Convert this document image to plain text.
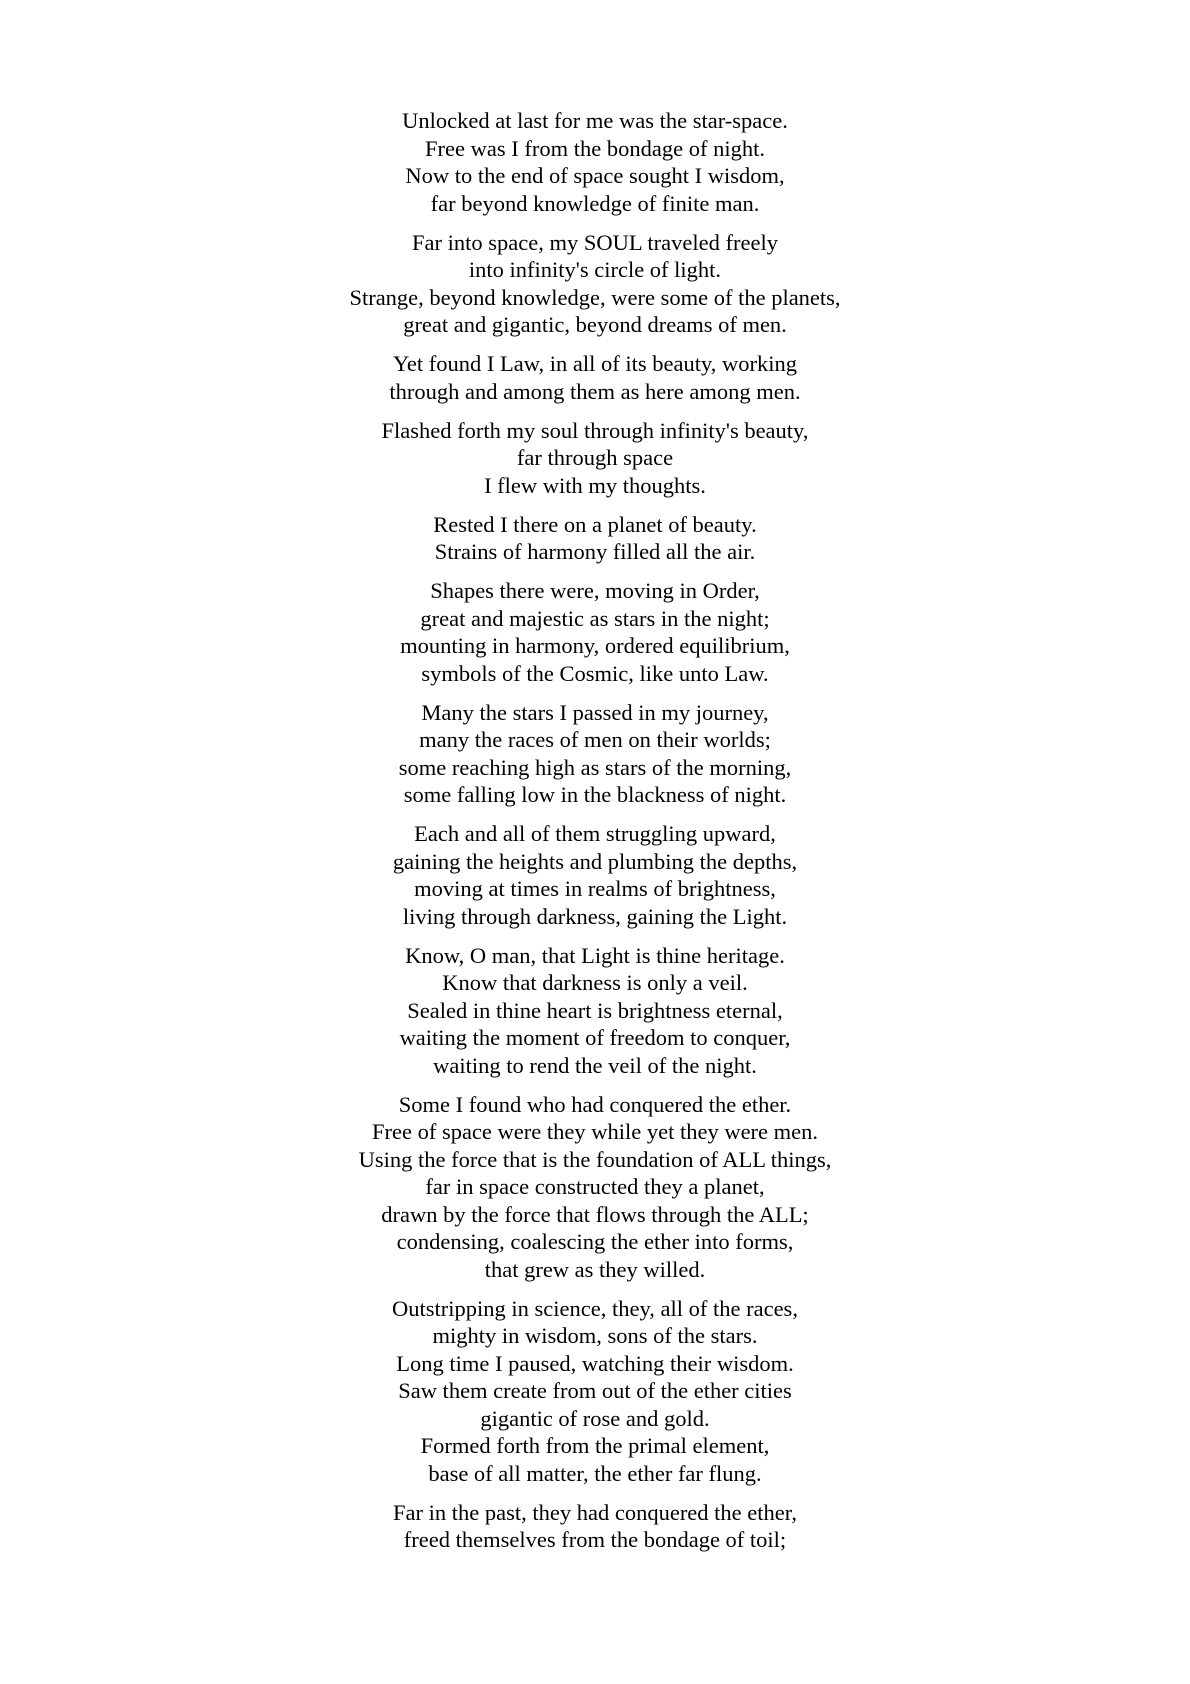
Unlocked at last for me was the star-space.
Free was I from the bondage of night.
Now to the end of space sought I wisdom,
far beyond knowledge of finite man.
Far into space, my SOUL traveled freely
into infinity's circle of light.
Strange, beyond knowledge, were some of the planets,
great and gigantic, beyond dreams of men.
Yet found I Law, in all of its beauty, working
through and among them as here among men.
Flashed forth my soul through infinity's beauty,
far through space
I flew with my thoughts.
Rested I there on a planet of beauty.
Strains of harmony filled all the air.
Shapes there were, moving in Order,
great and majestic as stars in the night;
mounting in harmony, ordered equilibrium,
symbols of the Cosmic, like unto Law.
Many the stars I passed in my journey,
many the races of men on their worlds;
some reaching high as stars of the morning,
some falling low in the blackness of night.
Each and all of them struggling upward,
gaining the heights and plumbing the depths,
moving at times in realms of brightness,
living through darkness, gaining the Light.
Know, O man, that Light is thine heritage.
Know that darkness is only a veil.
Sealed in thine heart is brightness eternal,
waiting the moment of freedom to conquer,
waiting to rend the veil of the night.
Some I found who had conquered the ether.
Free of space were they while yet they were men.
Using the force that is the foundation of ALL things,
far in space constructed they a planet,
drawn by the force that flows through the ALL;
condensing, coalescing the ether into forms,
that grew as they willed.
Outstripping in science, they, all of the races,
mighty in wisdom, sons of the stars.
Long time I paused, watching their wisdom.
Saw them create from out of the ether cities
gigantic of rose and gold.
Formed forth from the primal element,
base of all matter, the ether far flung.
Far in the past, they had conquered the ether,
freed themselves from the bondage of toil;
